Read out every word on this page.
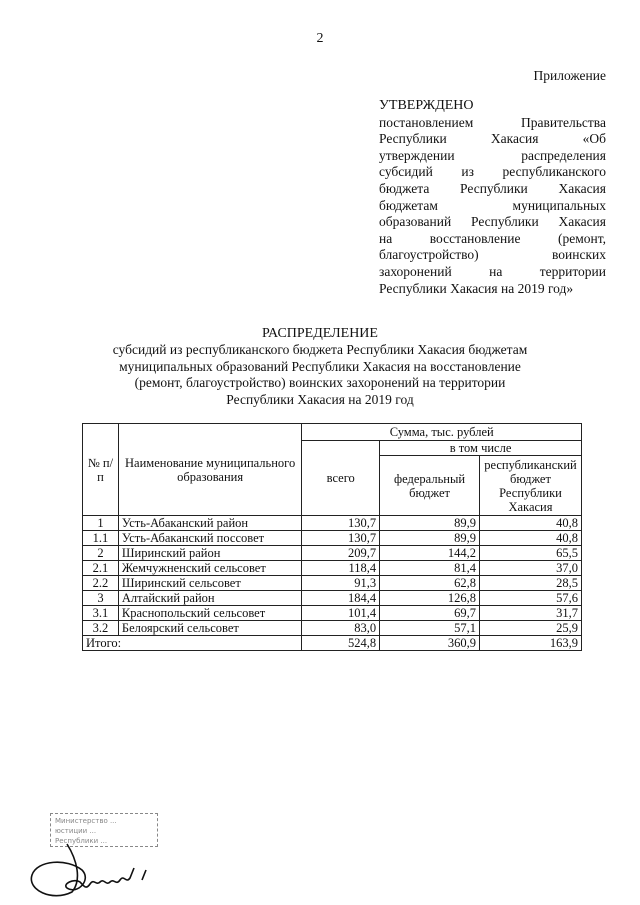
2
Приложение
УТВЕРЖДЕНО
постановлением Правительства
Республики Хакасия «Об
утверждении распределения
субсидий из республиканского
бюджета Республики Хакасия
бюджетам муниципальных
образований Республики Хакасия
на восстановление (ремонт,
благоустройство) воинских
захоронений на территории
Республики Хакасия на 2019 год»
РАСПРЕДЕЛЕНИЕ
субсидий из республиканского бюджета Республики Хакасия бюджетам
муниципальных образований Республики Хакасия на восстановление
(ремонт, благоустройство) воинских захоронений на территории
Республики Хакасия на 2019 год
№ п/п	Наименование муниципального образования	Сумма, тыс. рублей		
		всего	в том числе	
			федеральный бюджет	республиканский бюджет Республики Хакасия
1	Усть-Абаканский район	130,7	89,9	40,8
1.1	Усть-Абаканский поссовет	130,7	89,9	40,8
2	Ширинский район	209,7	144,2	65,5
2.1	Жемчужненский сельсовет	118,4	81,4	37,0
2.2	Ширинский сельсовет	91,3	62,8	28,5
3	Алтайский район	184,4	126,8	57,6
3.1	Краснопольский сельсовет	101,4	69,7	31,7
3.2	Белоярский сельсовет	83,0	57,1	25,9
Итого:		524,8	360,9	163,9
Министерство ...
юстиции ...
Республики ...
